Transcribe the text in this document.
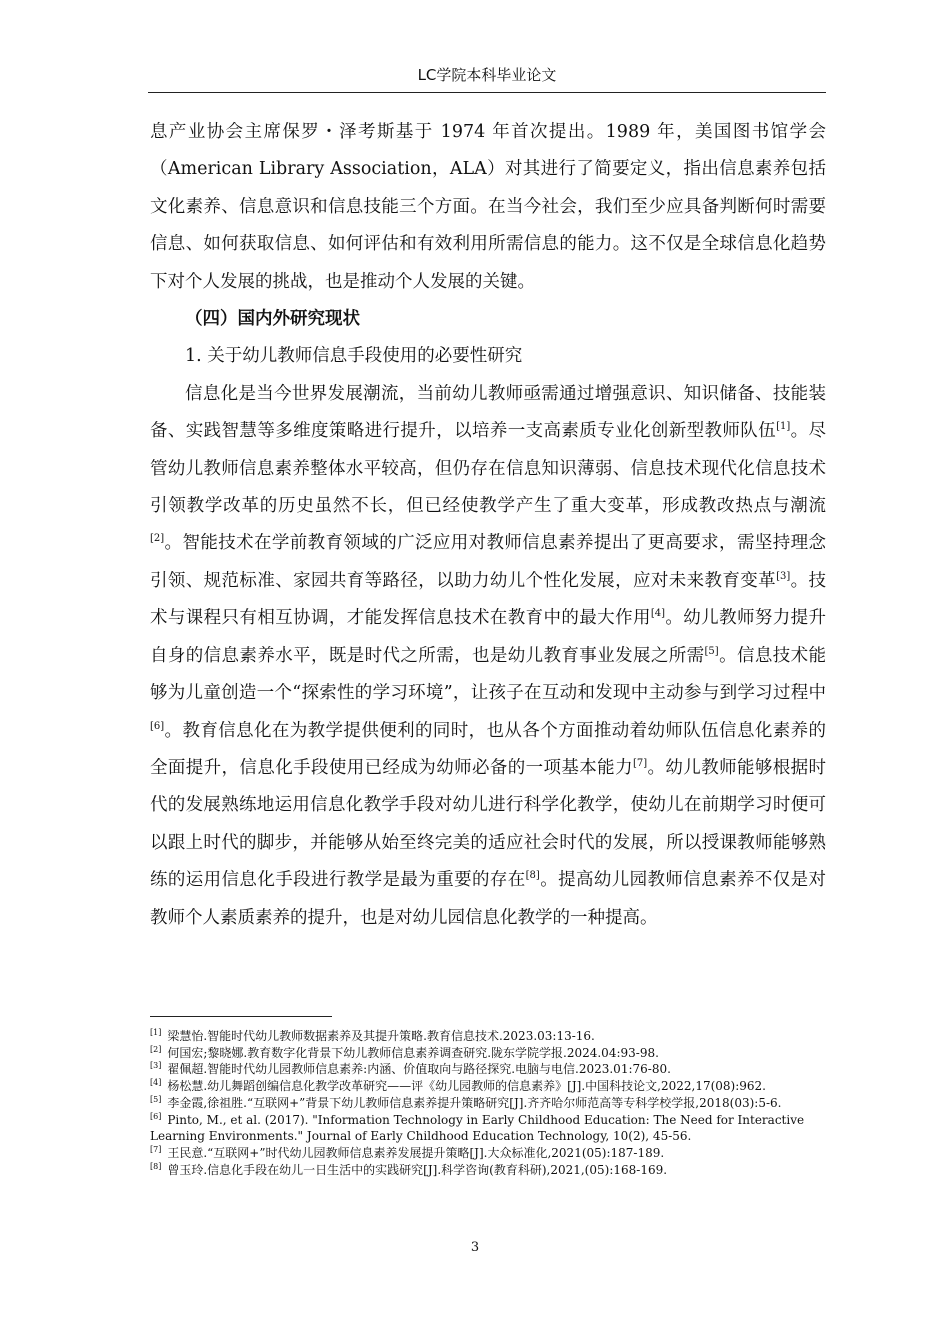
LC学院本科毕业论文

息产业协会主席保罗・泽考斯基于 1974 年首次提出。1989 年，美国图书馆学会（American Library Association，ALA）对其进行了简要定义，指出信息素养包括文化素养、信息意识和信息技能三个方面。在当今社会，我们至少应具备判断何时需要信息、如何获取信息、如何评估和有效利用所需信息的能力。这不仅是全球信息化趋势下对个人发展的挑战，也是推动个人发展的关键。

（四）国内外研究现状

1. 关于幼儿教师信息手段使用的必要性研究

信息化是当今世界发展潮流，当前幼儿教师亟需通过增强意识、知识储备、技能装备、实践智慧等多维度策略进行提升，以培养一支高素质专业化创新型教师队伍[1]。尽管幼儿教师信息素养整体水平较高，但仍存在信息知识薄弱、信息技术现代化信息技术引领教学改革的历史虽然不长，但已经使教学产生了重大变革，形成教改热点与潮流[2]。智能技术在学前教育领域的广泛应用对教师信息素养提出了更高要求，需坚持理念引领、规范标准、家园共育等路径，以助力幼儿个性化发展，应对未来教育变革[3]。技术与课程只有相互协调，才能发挥信息技术在教育中的最大作用[4]。幼儿教师努力提升自身的信息素养水平，既是时代之所需，也是幼儿教育事业发展之所需[5]。信息技术能够为儿童创造一个“探索性的学习环境”，让孩子在互动和发现中主动参与到学习过程中[6]。教育信息化在为教学提供便利的同时，也从各个方面推动着幼师队伍信息化素养的全面提升，信息化手段使用已经成为幼师必备的一项基本能力[7]。幼儿教师能够根据时代的发展熟练地运用信息化教学手段对幼儿进行科学化教学，使幼儿在前期学习时便可以跟上时代的脚步，并能够从始至终完美的适应社会时代的发展，所以授课教师能够熟练的运用信息化手段进行教学是最为重要的存在[8]。提高幼儿园教师信息素养不仅是对教师个人素质素养的提升，也是对幼儿园信息化教学的一种提高。

[1] 梁慧怡.智能时代幼儿教师数据素养及其提升策略.教育信息技术.2023.03:13-16.

[2] 何国宏;黎晓娜.教育数字化背景下幼儿教师信息素养调查研究.陇东学院学报.2024.04:93-98.

[3] 翟佩超.智能时代幼儿园教师信息素养:内涵、价值取向与路径探究.电脑与电信.2023.01:76-80.

[4] 杨松慧.幼儿舞蹈创编信息化教学改革研究——评《幼儿园教师的信息素养》[J].中国科技论文,2022,17(08):962.

[5] 李金霞,徐祖胜.“互联网+”背景下幼儿教师信息素养提升策略研究[J].齐齐哈尔师范高等专科学校学报,2018(03):5-6.

[6] Pinto, M., et al. (2017). "Information Technology in Early Childhood Education: The Need for Interactive Learning Environments." Journal of Early Childhood Education Technology, 10(2), 45-56.

[7] 王民意.“互联网+”时代幼儿园教师信息素养发展提升策略[J].大众标准化,2021(05):187-189.

[8] 曾玉玲.信息化手段在幼儿一日生活中的实践研究[J].科学咨询(教育科研),2021,(05):168-169.

3
